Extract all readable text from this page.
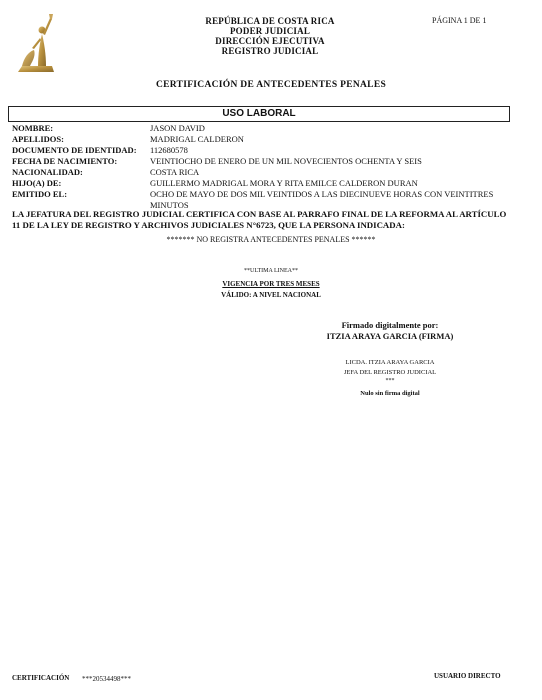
REPÚBLICA DE COSTA RICA
PODER JUDICIAL
DIRECCIÓN EJECUTIVA
REGISTRO JUDICIAL
PÁGINA 1 DE 1
CERTIFICACIÓN DE ANTECEDENTES PENALES
USO LABORAL
NOMBRE:	JASON DAVID
APELLIDOS:	MADRIGAL CALDERON
DOCUMENTO DE IDENTIDAD:	112680578
FECHA DE NACIMIENTO:	VEINTIOCHO DE ENERO DE UN MIL NOVECIENTOS OCHENTA Y SEIS
NACIONALIDAD:	COSTA RICA
HIJO(A) DE:	GUILLERMO MADRIGAL MORA Y RITA EMILCE CALDERON DURAN
EMITIDO EL:	OCHO DE MAYO DE DOS MIL VEINTIDOS A LAS DIECINUEVE HORAS CON VEINTITRES MINUTOS
LA JEFATURA DEL REGISTRO JUDICIAL CERTIFICA CON BASE AL PARRAFO FINAL DE LA REFORMA AL ARTÍCULO 11 DE LA LEY DE REGISTRO Y ARCHIVOS JUDICIALES N°6723, QUE LA PERSONA INDICADA:
******* NO REGISTRA ANTECEDENTES PENALES ******
**ULTIMA LINEA**
VIGENCIA POR TRES MESES
VÁLIDO: A NIVEL NACIONAL
Firmado digitalmente por:
ITZIA ARAYA GARCIA (FIRMA)
LICDA. ITZIA ARAYA GARCIA
JEFA DEL REGISTRO JUDICIAL
***
Nulo sin firma digital
CERTIFICACIÓN ***20534498***	USUARIO DIRECTO
